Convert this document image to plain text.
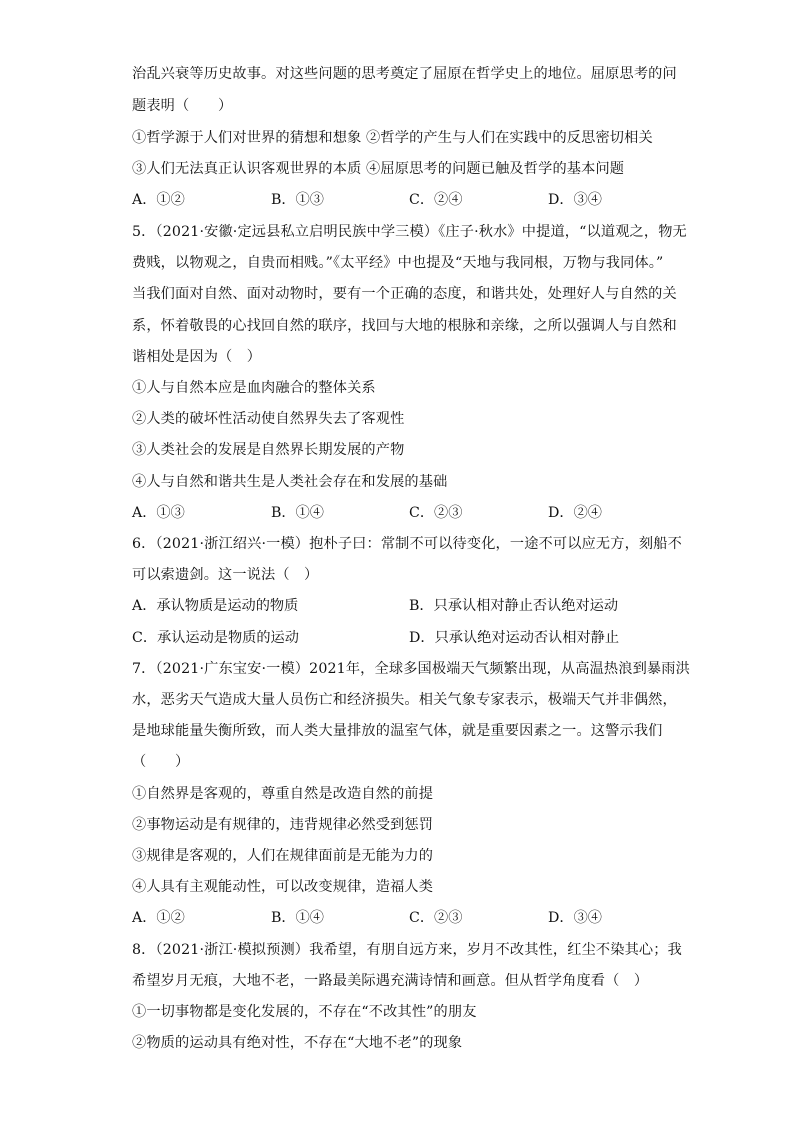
治乱兴衰等历史故事。对这些问题的思考奠定了屈原在哲学史上的地位。屈原思考的问
题表明（　　）
①哲学源于人们对世界的猜想和想象 ②哲学的产生与人们在实践中的反思密切相关
③人们无法真正认识客观世界的本质 ④屈原思考的问题已触及哲学的基本问题
A．①②	B．①③	C．②④	D．③④
5．（2021·安徽·定远县私立启明民族中学三模）《庄子·秋水》中提道，“以道观之，物无
费贱，以物观之，自贵而相贱。”《太平经》中也提及“天地与我同根，万物与我同体。”
当我们面对自然、面对动物时，要有一个正确的态度，和谐共处，处理好人与自然的关
系，怀着敬畏的心找回自然的联序，找回与大地的根脉和亲缘，之所以强调人与自然和
谐相处是因为（　）
①人与自然本应是血肉融合的整体关系
②人类的破坏性活动使自然界失去了客观性
③人类社会的发展是自然界长期发展的产物
④人与自然和谐共生是人类社会存在和发展的基础
A．①③	B．①④	C．②③	D．②④
6．（2021·浙江绍兴·一模）抱朴子曰：常制不可以待变化，一途不可以应无方，刻船不
可以索遗剑。这一说法（　）
A．承认物质是运动的物质	B．只承认相对静止否认绝对运动
C．承认运动是物质的运动	D．只承认绝对运动否认相对静止
7．（2021·广东宝安·一模）2021年，全球多国极端天气频繁出现，从高温热浪到暴雨洪
水，恶劣天气造成大量人员伤亡和经济损失。相关气象专家表示，极端天气并非偶然，
是地球能量失衡所致，而人类大量排放的温室气体，就是重要因素之一。这警示我们
（　　）
①自然界是客观的，尊重自然是改造自然的前提
②事物运动是有规律的，违背规律必然受到惩罚
③规律是客观的，人们在规律面前是无能为力的
④人具有主观能动性，可以改变规律，造福人类
A．①②	B．①④	C．②③	D．③④
8．（2021·浙江·模拟预测）我希望，有朋自远方来，岁月不改其性，红尘不染其心；我
希望岁月无痕，大地不老，一路最美际遇充满诗情和画意。但从哲学角度看（　）
①一切事物都是变化发展的，不存在“不改其性”的朋友
②物质的运动具有绝对性，不存在“大地不老”的现象
